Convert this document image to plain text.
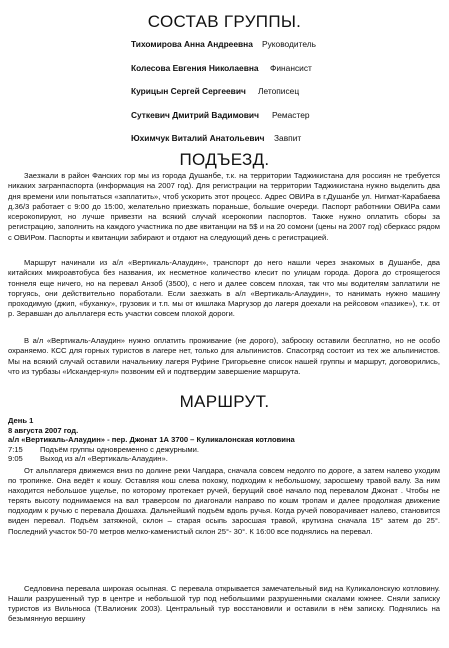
СОСТАВ ГРУППЫ.
Тихомирова Анна Андреевна Руководитель
Колесова Евгения Николаевна Финансист
Курицын Сергей Сергеевич Летописец
Суткевич Дмитрий Вадимович Ремастер
Юхимчук Виталий Анатольевич Завпит
ПОДЪЕЗД.

Заезжали в район Фанских гор мы из города Душанбе, т.к. на территории Таджикистана для россиян не требуется никаких загранпаспорта (информация на 2007 год). Для регистрации на территории Таджикистана нужно выделить два дня времени или попытаться «заплатить», чтоб ускорить этот процесс. Адрес ОВИРа в г.Душанбе ул. Нигмат-Карабаева д.36/3 работает с 9:00 до 15:00, желательно приезжать пораньше, большие очереди. Паспорт работники ОВИРа сами ксерокопируют, но лучше привезти на всякий случай ксерокопии паспортов. Также нужно оплатить сборы за регистрацию, заполнить на каждого участника по две квитанции на 5$ и на 20 сомони (цены на 2007 год) сбеpкасс рядом с ОВИРом. Паспорты и квитанции забирают и отдают на следующий день с регистрацией.

Маршрут начинали из а/л «Вертикаль-Алаудин», транспорт до него нашли через знакомых в Душанбе, два китайских микроавтобуса без названия, их несметное количество клесит по улицам города. Дорога до строящегося тоннеля еще ничего, но на перевал Анзоб (3500), с него и далее совсем плохая, так что мы водителям заплатили не торгуясь, они действительно поработали. Если заезжать в а/л «Вертикаль-Алаудин», то нанимать нужно машину проходимую (джип, «буханку», грузовик и т.п. мы от кишлака Маргузор до лагеря доехали на рейсовом «пазике»), т.к. от р. Зеравшан до альплагеря есть участки совсем плохой дороги.

В а/л «Вертикаль-Алаудин» нужно оплатить проживание (не дорого), заброску оставили бесплатно, но не особо охраняемо. КСС для горных туристов в лагере нет, только для альпинистов. Спасотряд состоит из тех же альпинистов. Мы на всякий случай оставили начальнику лагеря Руфине Григорьевне список нашей группы и маршрут, договорились, что из турбазы «Искандер-кул» позвоним ей и подтвердим завершение маршрута.

МАРШРУТ.
День 1
8 августа 2007 год.
а/л «Вертикаль-Алаудин» - пер. Джонат 1А 3700 – Куликалонская котловина
7:15 Подъём группы одновременно с дежурными.
9:05 Выход из а/л «Вертикаль-Алаудин».

От альплагеря движемся вниз по долине реки Чапдара, сначала совсем недолго по дороге, а затем налево уходим по тропинке. Она ведёт к кошу. Оставляя кош слева похожу, подходим к небольшому, заросшему травой валу. За ним находится небольшое ущелье, по которому протекает ручей, берущий своё начало под перевалом Джонат . Чтобы не терять высоту поднимаемся на вал траверсом по диагонали направо по кошм тропам и далее продолжая движение подходим к ручью с перевала Дюшаха. Дальнейший подъём вдоль ручья. Когда ручей поворачивает налево, становится виден перевал. Подъём затяжной, склон – старая осыпь заросшая травой, крутизна сначала 15° затем до 25°. Последний участок 50-70 метров мелко-каменистый склон 25°- 30°. К 16:00 все поднялись на перевал.

Седловина перевала широкая осыпная. С перевала открывается замечательный вид на Куликалонскую котловину. Нашли разрушенный тур в центре и небольшой тур под небольшими разрушенными скалами южнее. Сняли записку туристов из Вильнюса (Т.Валионик 2003). Центральный тур восстановили и оставили в нём записку. Поднялись на безымянную вершину
